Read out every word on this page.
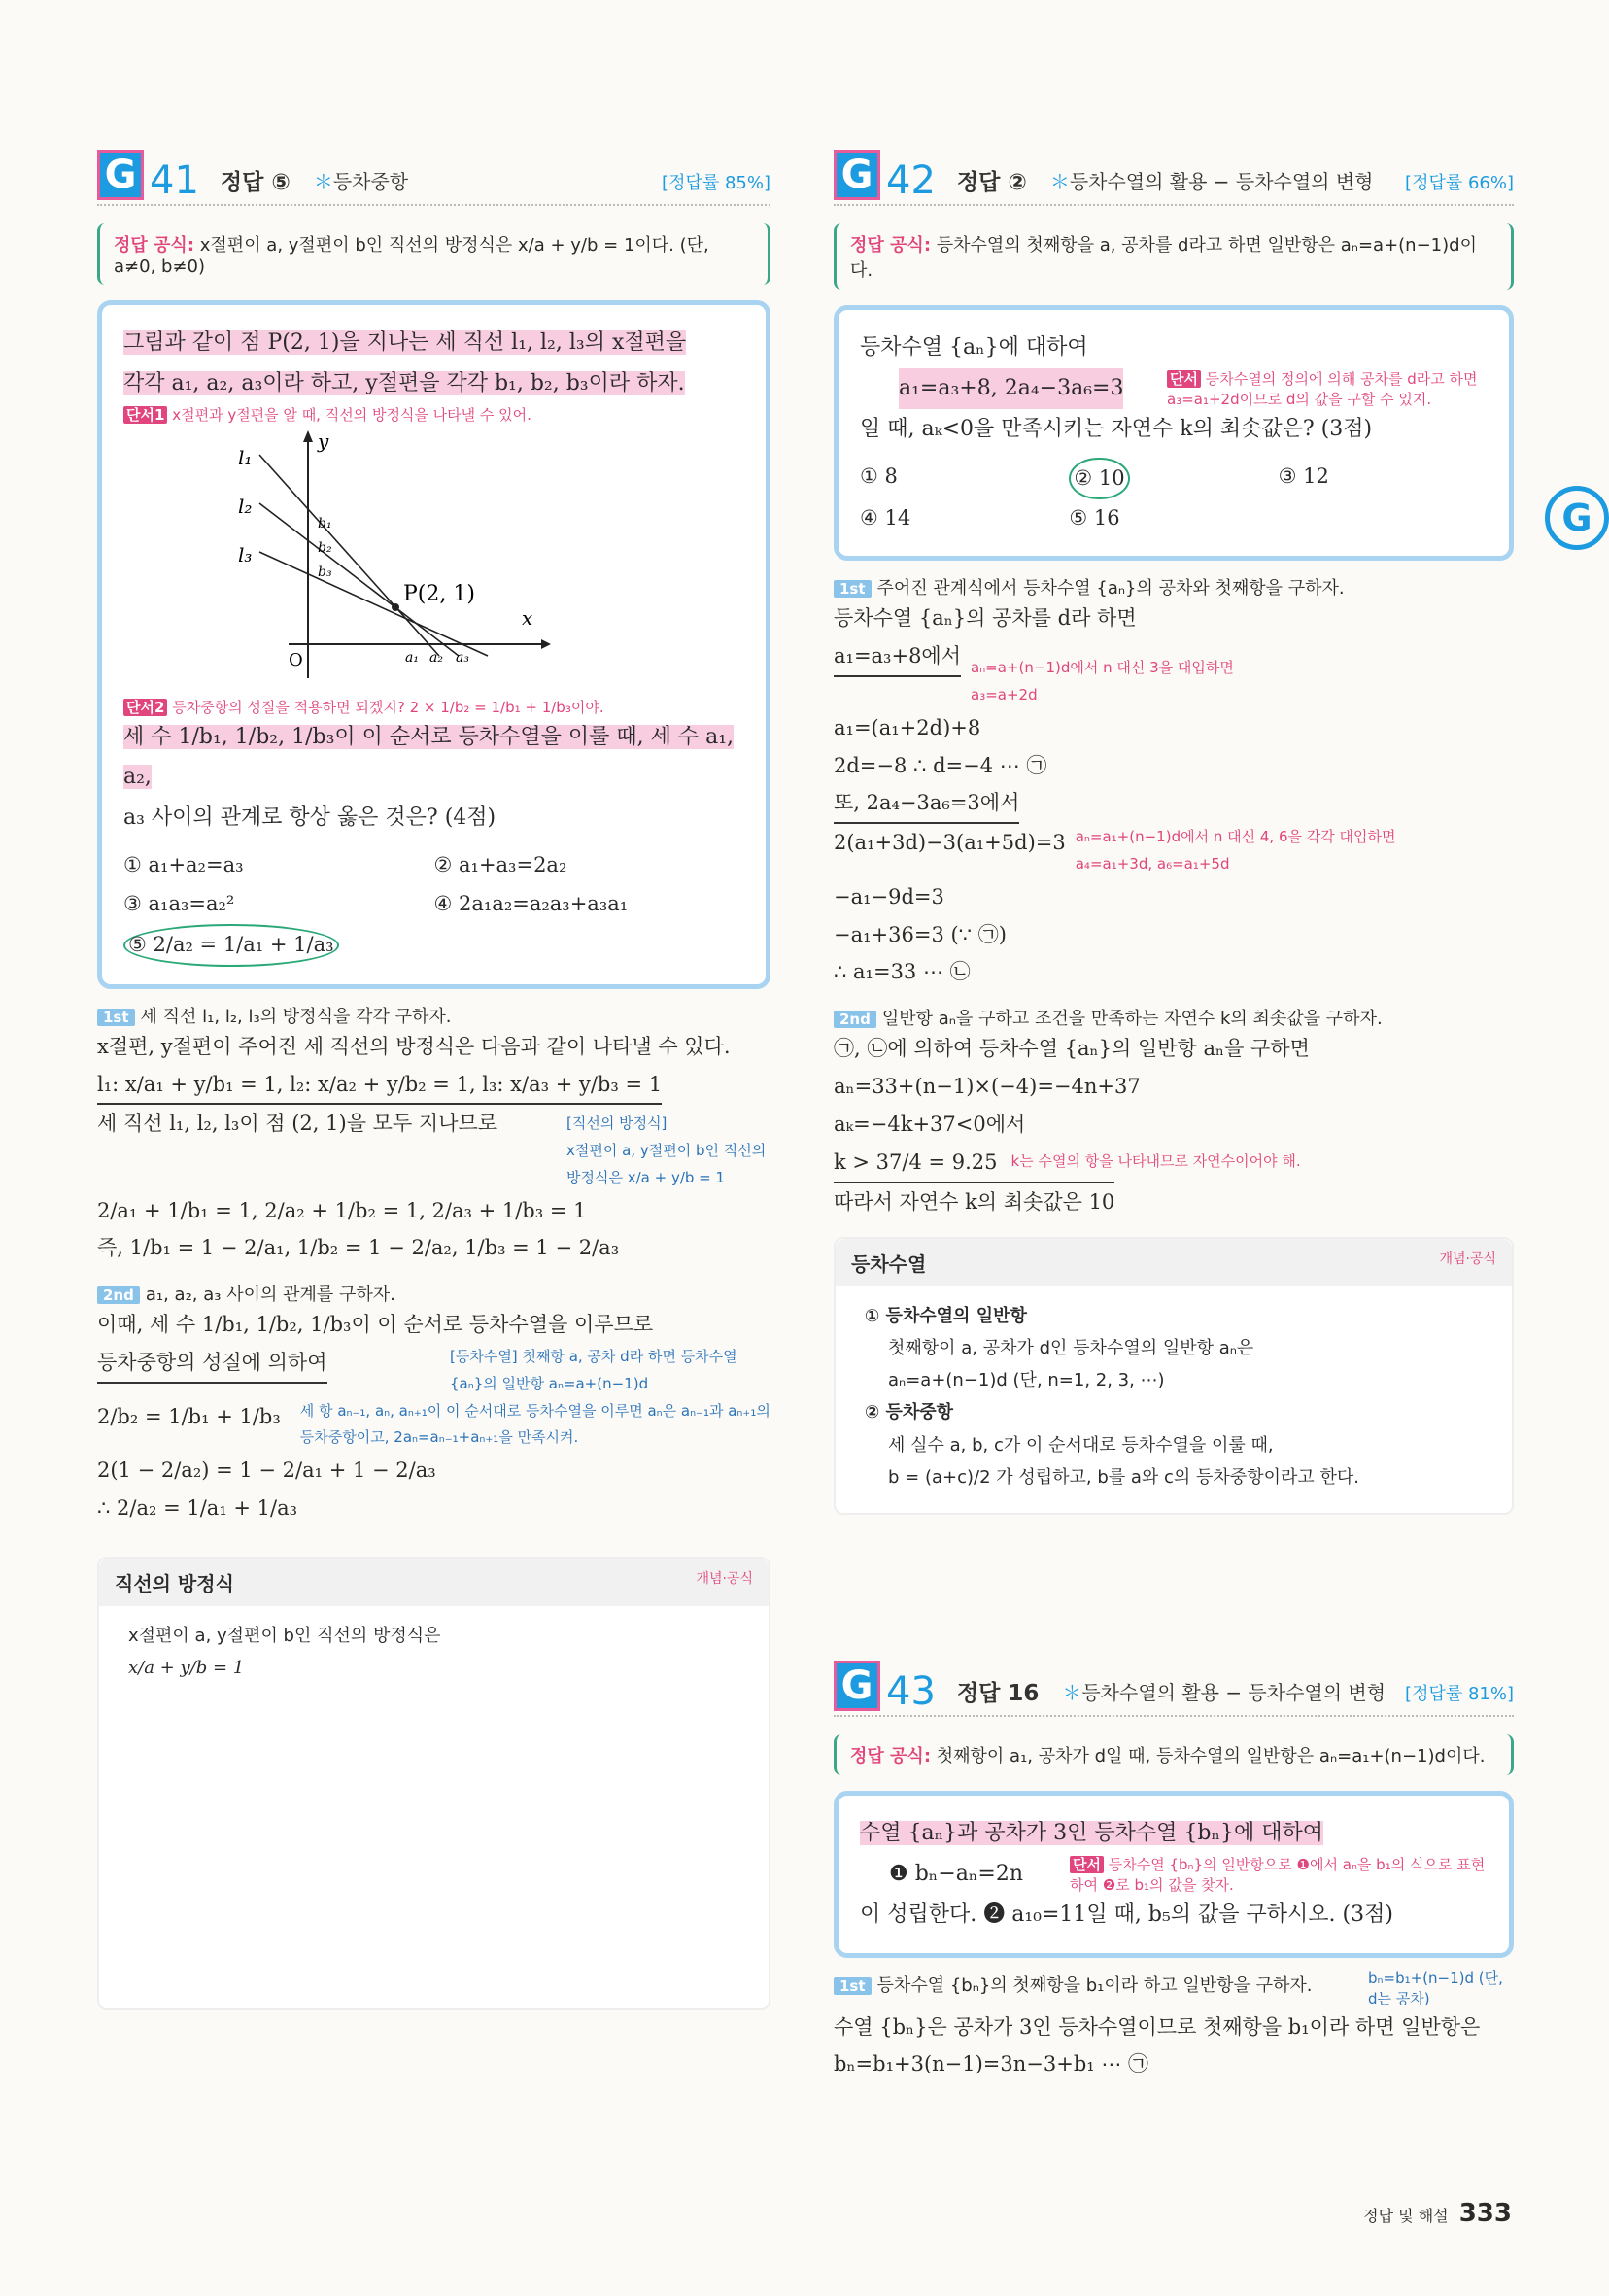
G
G 41 정답 ⑤ ＊등차중항	[정답률 85%]
정답 공식: x절편이 a, y절편이 b인 직선의 방정식은 x/a + y/b = 1이다. (단, a≠0, b≠0)
그림과 같이 점 P(2, 1)을 지나는 세 직선 l₁, l₂, l₃의 x절편을
각각 a₁, a₂, a₃이라 하고, y절편을 각각 b₁, b₂, b₃이라 하자.
단서1 x절편과 y절편을 알 때, 직선의 방정식을 나타낼 수 있어.
y
x
O
P(2, 1)
l₁
l₂
l₃
b₁
b₂
b₃
a₁ a₂ a₃
단서2 등차중항의 성질을 적용하면 되겠지? 2 × 1/b₂ = 1/b₁ + 1/b₃이야.
세 수 1/b₁, 1/b₂, 1/b₃이 이 순서로 등차수열을 이룰 때, 세 수 a₁, a₂,
a₃ 사이의 관계로 항상 옳은 것은? (4점)
① a₁+a₂=a₃	② a₁+a₃=2a₂
③ a₁a₃=a₂²	④ 2a₁a₂=a₂a₃+a₃a₁
⑤ 2/a₂ = 1/a₁ + 1/a₃
1st 세 직선 l₁, l₂, l₃의 방정식을 각각 구하자.
x절편, y절편이 주어진 세 직선의 방정식은 다음과 같이 나타낼 수 있다.
l₁: x/a₁ + y/b₁ = 1, l₂: x/a₂ + y/b₂ = 1, l₃: x/a₃ + y/b₃ = 1
세 직선 l₁, l₂, l₃이 점 (2, 1)을 모두 지나므로	[직선의 방정식]
x절편이 a, y절편이 b인 직선의 방정식은 x/a + y/b = 1
2/a₁ + 1/b₁ = 1, 2/a₂ + 1/b₂ = 1, 2/a₃ + 1/b₃ = 1
즉, 1/b₁ = 1 − 2/a₁, 1/b₂ = 1 − 2/a₂, 1/b₃ = 1 − 2/a₃
2nd a₁, a₂, a₃ 사이의 관계를 구하자.
이때, 세 수 1/b₁, 1/b₂, 1/b₃이 이 순서로 등차수열을 이루므로
등차중항의 성질에 의하여	[등차수열] 첫째항 a, 공차 d라 하면 등차수열 {aₙ}의 일반항 aₙ=a+(n−1)d
2/b₂ = 1/b₁ + 1/b₃ 세 항 aₙ₋₁, aₙ, aₙ₊₁이 이 순서대로 등차수열을 이루면 aₙ은 aₙ₋₁과 aₙ₊₁의 등차중항이고, 2aₙ=aₙ₋₁+aₙ₊₁을 만족시켜.
2(1 − 2/a₂) = 1 − 2/a₁ + 1 − 2/a₃
∴ 2/a₂ = 1/a₁ + 1/a₃
직선의 방정식	개념·공식
x절편이 a, y절편이 b인 직선의 방정식은
x/a + y/b = 1
G 42 정답 ② ＊등차수열의 활용 − 등차수열의 변형	[정답률 66%]
정답 공식: 등차수열의 첫째항을 a, 공차를 d라고 하면 일반항은 aₙ=a+(n−1)d이다.
등차수열 {aₙ}에 대하여
a₁=a₃+8, 2a₄−3a₆=3	단서 등차수열의 정의에 의해 공차를 d라고 하면 a₃=a₁+2d이므로 d의 값을 구할 수 있지.
일 때, aₖ<0을 만족시키는 자연수 k의 최솟값은? (3점)
① 8	② 10	③ 12
④ 14	⑤ 16
1st 주어진 관계식에서 등차수열 {aₙ}의 공차와 첫째항을 구하자.
등차수열 {aₙ}의 공차를 d라 하면
a₁=a₃+8에서 aₙ=a+(n−1)d에서 n 대신 3을 대입하면 a₃=a+2d
a₁=(a₁+2d)+8
2d=−8 ∴ d=−4 ⋯ ㉠
또, 2a₄−3a₆=3에서
2(a₁+3d)−3(a₁+5d)=3 aₙ=a₁+(n−1)d에서 n 대신 4, 6을 각각 대입하면 a₄=a₁+3d, a₆=a₁+5d
−a₁−9d=3
−a₁+36=3 (∵ ㉠)
∴ a₁=33 ⋯ ㉡
2nd 일반항 aₙ을 구하고 조건을 만족하는 자연수 k의 최솟값을 구하자.
㉠, ㉡에 의하여 등차수열 {aₙ}의 일반항 aₙ을 구하면
aₙ=33+(n−1)×(−4)=−4n+37
aₖ=−4k+37<0에서
k > 37/4 = 9.25 k는 수열의 항을 나타내므로 자연수이어야 해.
따라서 자연수 k의 최솟값은 10
등차수열	개념·공식
① 등차수열의 일반항
첫째항이 a, 공차가 d인 등차수열의 일반항 aₙ은
aₙ=a+(n−1)d (단, n=1, 2, 3, ⋯)
② 등차중항
세 실수 a, b, c가 이 순서대로 등차수열을 이룰 때,
b = (a+c)/2 가 성립하고, b를 a와 c의 등차중항이라고 한다.
G 43 정답 16 ＊등차수열의 활용 − 등차수열의 변형	[정답률 81%]
정답 공식: 첫째항이 a₁, 공차가 d일 때, 등차수열의 일반항은 aₙ=a₁+(n−1)d이다.
수열 {aₙ}과 공차가 3인 등차수열 {bₙ}에 대하여
❶ bₙ−aₙ=2n	단서 등차수열 {bₙ}의 일반항으로 ❶에서 aₙ을 b₁의 식으로 표현하여 ❷로 b₁의 값을 찾자.
이 성립한다. ❷ a₁₀=11일 때, b₅의 값을 구하시오. (3점)
1st 등차수열 {bₙ}의 첫째항을 b₁이라 하고 일반항을 구하자.	bₙ=b₁+(n−1)d (단, d는 공차)
수열 {bₙ}은 공차가 3인 등차수열이므로 첫째항을 b₁이라 하면 일반항은
bₙ=b₁+3(n−1)=3n−3+b₁ ⋯ ㉠
정답 및 해설 333
